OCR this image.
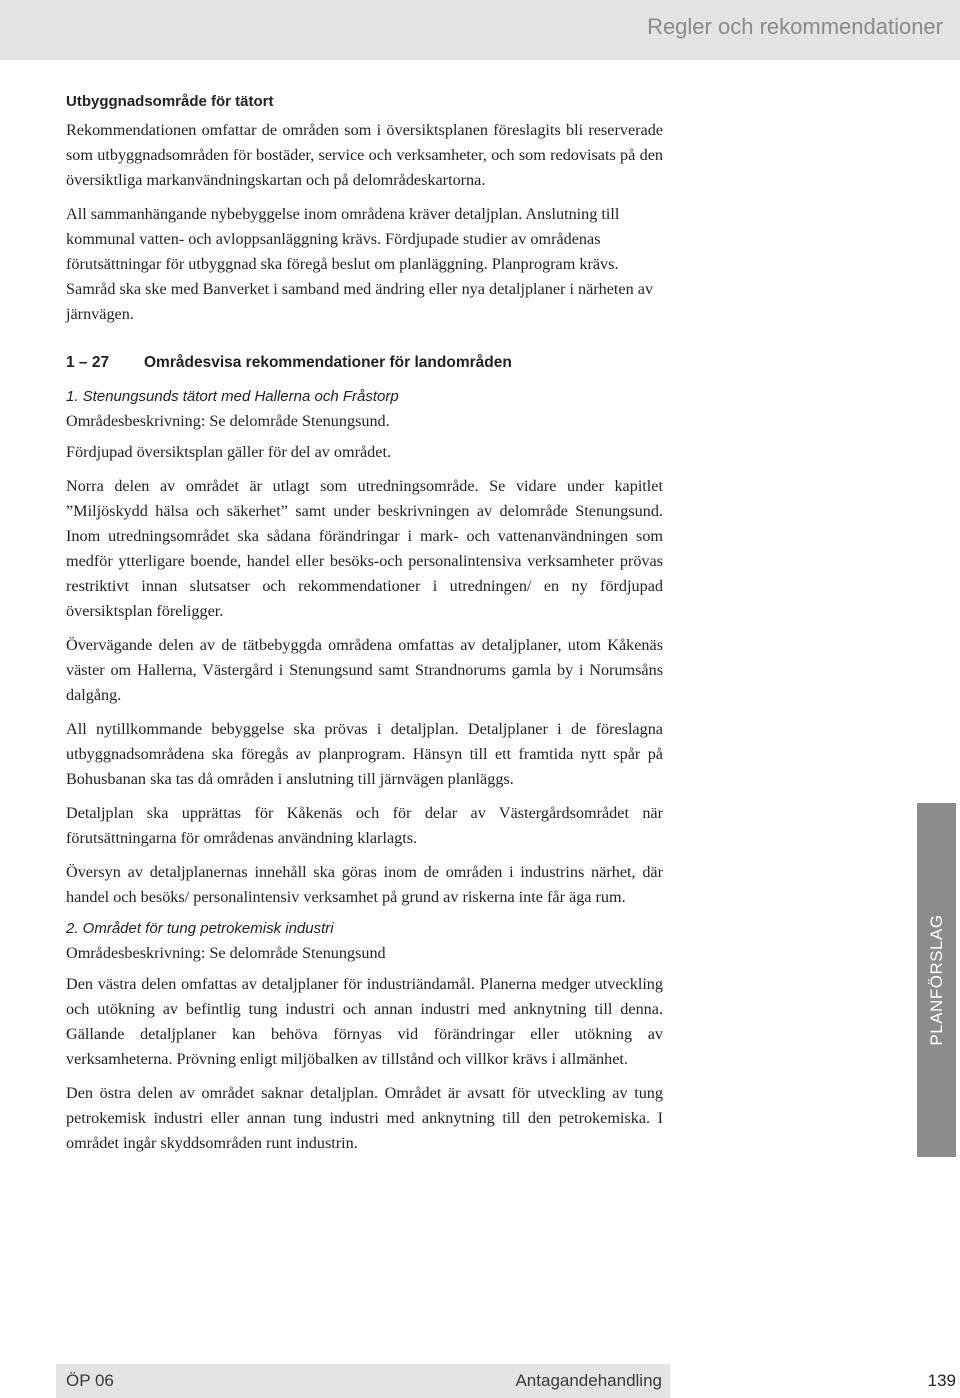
Regler och rekommendationer
Utbyggnadsområde för tätort

Rekommendationen omfattar de områden som i översiktsplanen föreslagits bli reserverade som utbyggnadsområden för bostäder, service och verksamheter, och som redovisats på den översiktliga markanvändningskartan och på delområdeskartorna.

All sammanhängande nybebyggelse inom områdena kräver detaljplan. Anslutning till kommunal vatten- och avloppsanläggning krävs. Fördjupade studier av områdenas förutsättningar för utbyggnad ska föregå beslut om planläggning. Planprogram krävs. Samråd ska ske med Banverket i samband med ändring eller nya detaljplaner i närheten av järnvägen.

1 – 27 Områdesvisa rekommendationer för landområden
1. Stenungsunds tätort med Hallerna och Fråstorp

Områdesbeskrivning: Se delområde Stenungsund.

Fördjupad översiktsplan gäller för del av området.

Norra delen av området är utlagt som utredningsområde. Se vidare under kapitlet ”Miljöskydd hälsa och säkerhet” samt under beskrivningen av delområde Stenungsund. Inom utredningsområdet ska sådana förändringar i mark- och vattenanvändningen som medför ytterligare boende, handel eller besöks-och personalintensiva verksamheter prövas restriktivt innan slutsatser och rekommendationer i utredningen/ en ny fördjupad översiktsplan föreligger.

Övervägande delen av de tätbebyggda områdena omfattas av detaljplaner, utom Kåkenäs väster om Hallerna, Västergård i Stenungsund samt Strandnorums gamla by i Norumsåns dalgång.

All nytillkommande bebyggelse ska prövas i detaljplan. Detaljplaner i de föreslagna utbyggnadsområdena ska föregås av planprogram. Hänsyn till ett framtida nytt spår på Bohusbanan ska tas då områden i anslutning till järnvägen planläggs.

Detaljplan ska upprättas för Kåkenäs och för delar av Västergårdsområdet när förutsättningarna för områdenas användning klarlagts.

Översyn av detaljplanernas innehåll ska göras inom de områden i industrins närhet, där handel och besöks/ personalintensiv verksamhet på grund av riskerna inte får äga rum.

2. Området för tung petrokemisk industri

Områdesbeskrivning: Se delområde Stenungsund

Den västra delen omfattas av detaljplaner för industriändamål. Planerna medger utveckling och utökning av befintlig tung industri och annan industri med anknytning till denna. Gällande detaljplaner kan behöva förnyas vid förändringar eller utökning av verksamheterna. Prövning enligt miljöbalken av tillstånd och villkor krävs i allmänhet.

Den östra delen av området saknar detaljplan. Området är avsatt för utveckling av tung petrokemisk industri eller annan tung industri med anknytning till den petrokemiska. I området ingår skyddsområden runt industrin.

PLANFÖRSLAG
ÖP 06	Antagandehandling	139
